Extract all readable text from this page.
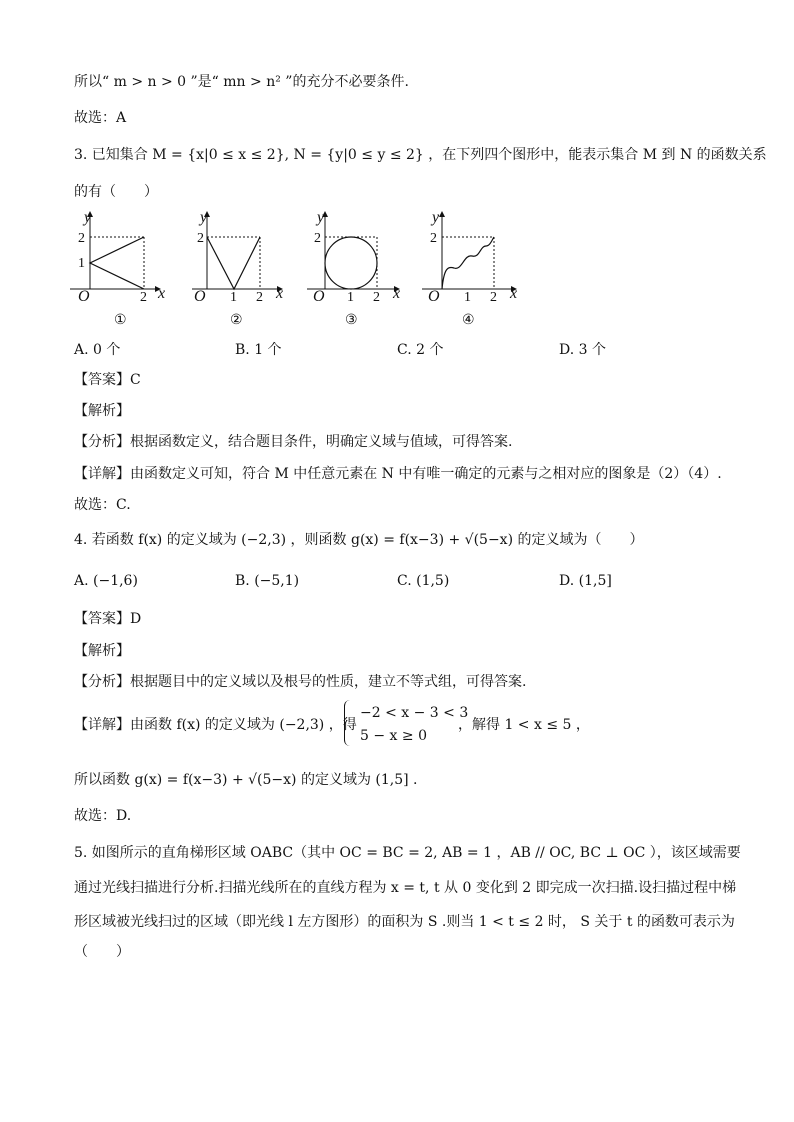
所以“ m > n > 0 ”是“ mn > n² ”的充分不必要条件.
故选：A
3. 已知集合 M = {x|0 ≤ x ≤ 2}, N = {y|0 ≤ y ≤ 2} ，在下列四个图形中，能表示集合 M 到 N 的函数关系
的有（　　）
y
2
1
O	2 x
①
y
2
O 1 2 x
②
y
2
O 1 2 x
③
y
2
O 1 2 x
④
A. 0 个	B. 1 个	C. 2 个	D. 3 个
【答案】C
【解析】
【分析】根据函数定义，结合题目条件，明确定义域与值域，可得答案.
【详解】由函数定义可知，符合 M 中任意元素在 N 中有唯一确定的元素与之相对应的图象是（2）（4）.
故选：C.
4. 若函数 f(x) 的定义域为 (−2,3) ，则函数 g(x) = f(x−3) + √(5−x) 的定义域为（　　）
A. (−1,6)	B. (−5,1)	C. (1,5)	D. (1,5]
【答案】D
【解析】
【分析】根据题目中的定义域以及根号的性质，建立不等式组，可得答案.
【详解】由函数 f(x) 的定义域为 (−2,3) ，得
−2 < x − 3 < 3
5 − x ≥ 0
，解得 1 < x ≤ 5 ，
所以函数 g(x) = f(x−3) + √(5−x) 的定义域为 (1,5] .
故选：D.
5. 如图所示的直角梯形区域 OABC（其中 OC = BC = 2, AB = 1 ，AB // OC, BC ⊥ OC ），该区域需要
通过光线扫描进行分析.扫描光线所在的直线方程为 x = t, t 从 0 变化到 2 即完成一次扫描.设扫描过程中梯
形区域被光线扫过的区域（即光线 l 左方图形）的面积为 S .则当 1 < t ≤ 2 时， S 关于 t 的函数可表示为
（　　）
